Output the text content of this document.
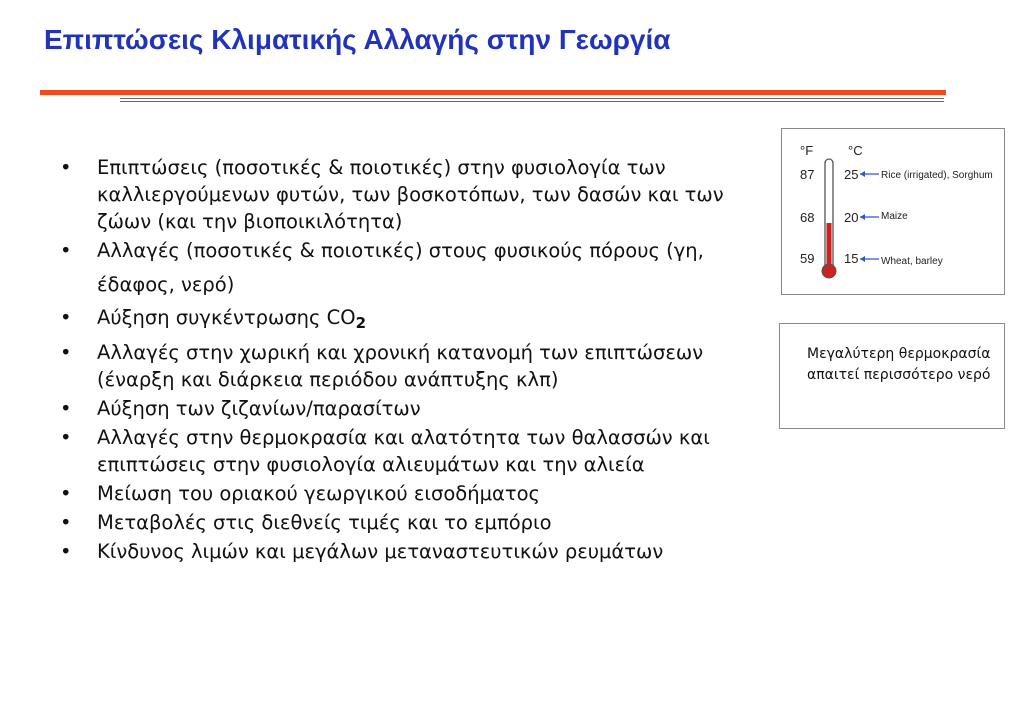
Επιπτώσεις Κλιματικής Αλλαγής στην Γεωργία
• Επιπτώσεις (ποσοτικές & ποιοτικές) στην φυσιολογία των καλλιεργούμενων φυτών, των βοσκοτόπων, των δασών και των ζώων (και την βιοποικιλότητα)
• Αλλαγές (ποσοτικές & ποιοτικές) στους φυσικούς πόρους (γη, έδαφος, νερό)
• Αύξηση συγκέντρωσης $CO_2$
• Αλλαγές στην χωρική και χρονική κατανομή των επιπτώσεων (έναρξη και διάρκεια περιόδου ανάπτυξης κλπ)
• Αύξηση των ζιζανίων/παρασίτων
• Αλλαγές στην θερμοκρασία και αλατότητα των θαλασσών και επιπτώσεις στην φυσιολογία αλιευμάτων και την αλιεία
• Μείωση του οριακού γεωργικού εισοδήματος
• Μεταβολές στις διεθνείς τιμές και το εμπόριο
• Κίνδυνος λιμών και μεγάλων μεταναστευτικών ρευμάτων
°F	°C
87 25 Rice (irrigated), Sorghum
68 20 Maize
59 15 Wheat, barley
Μεγαλύτερη θερμοκρασία απαιτεί περισσότερο νερό
